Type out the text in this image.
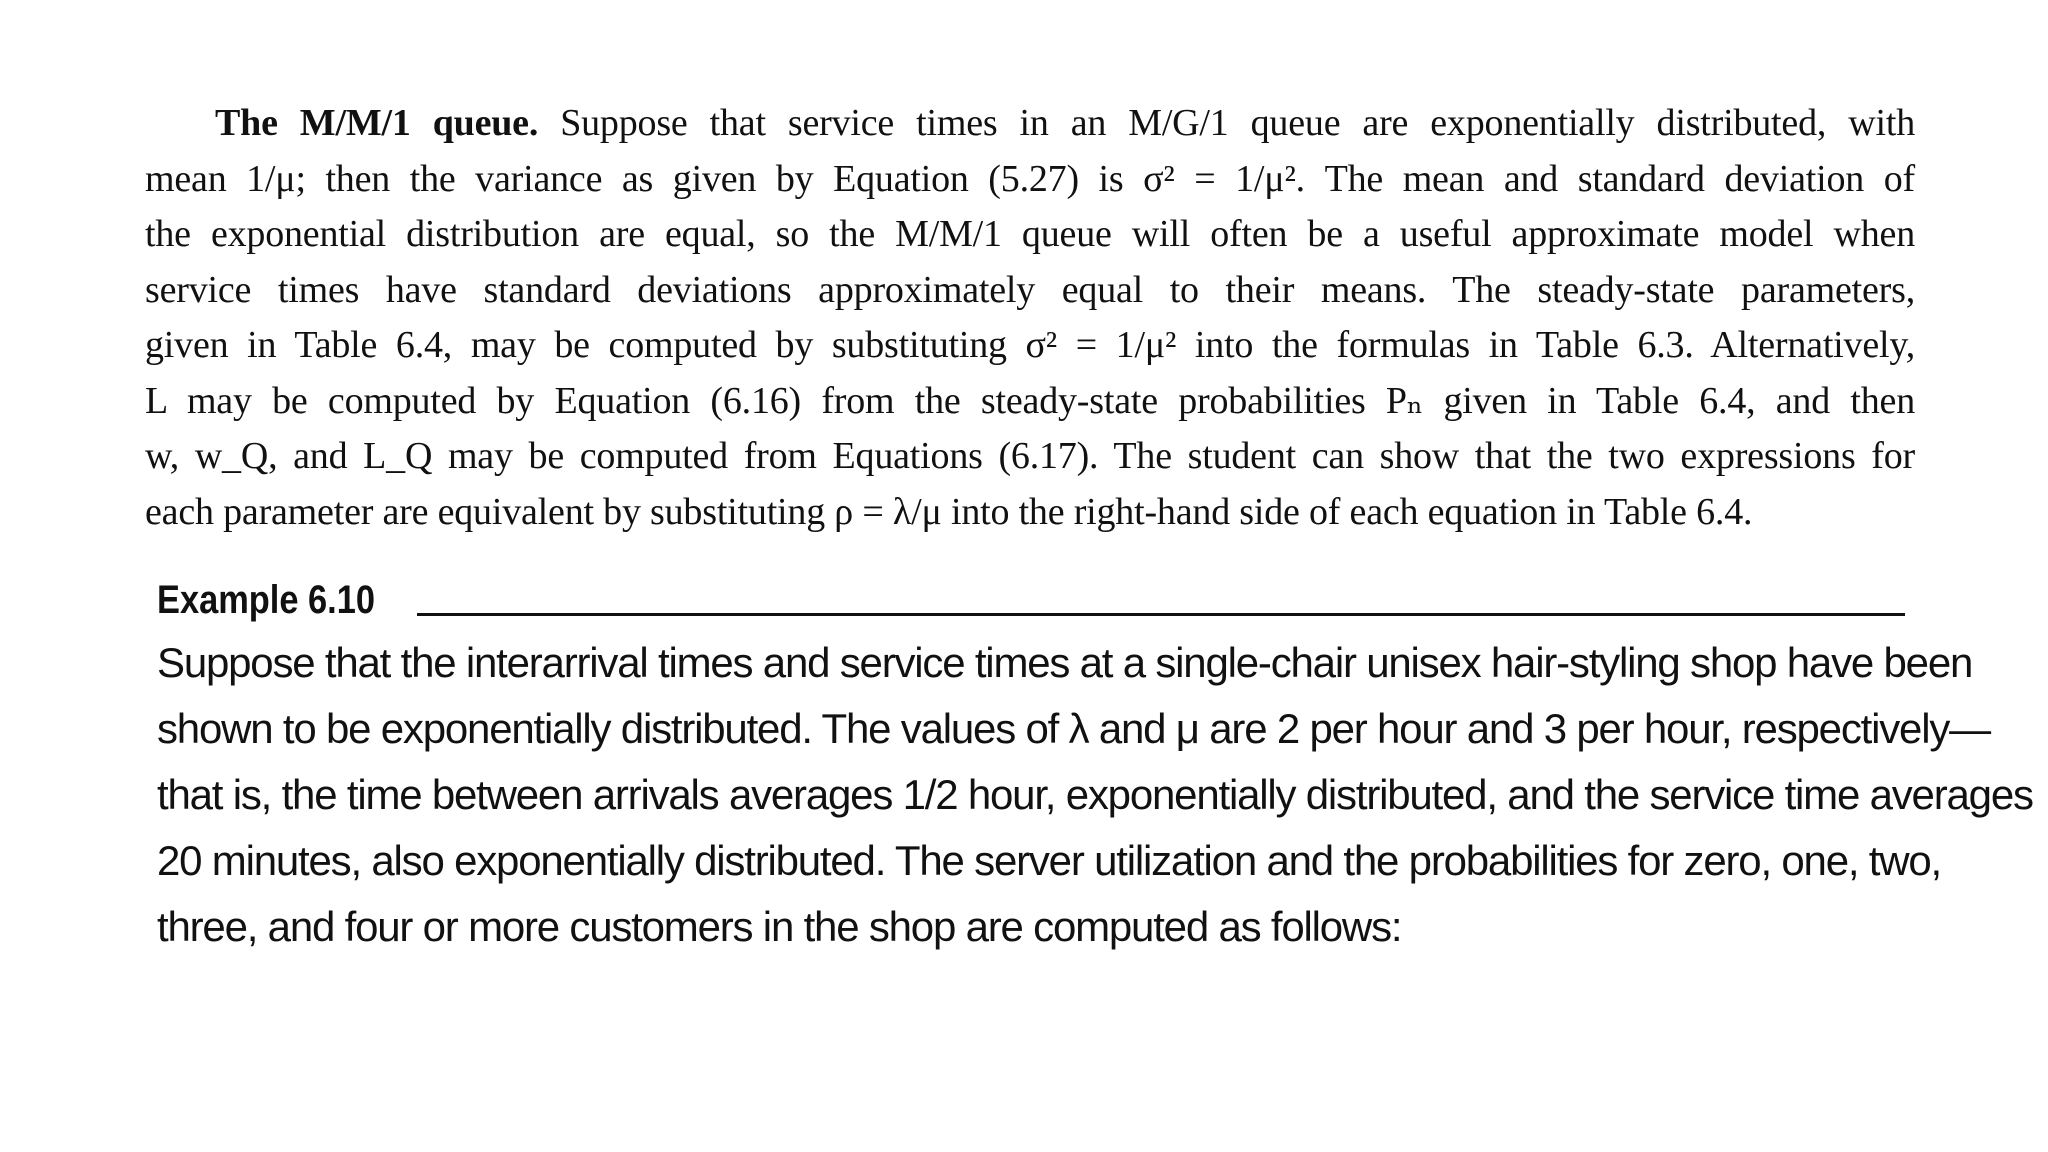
The M/M/1 queue. Suppose that service times in an M/G/1 queue are exponentially distributed, with
mean 1/μ; then the variance as given by Equation (5.27) is σ² = 1/μ². The mean and standard deviation of
the exponential distribution are equal, so the M/M/1 queue will often be a useful approximate model when
service times have standard deviations approximately equal to their means. The steady-state parameters,
given in Table 6.4, may be computed by substituting σ² = 1/μ² into the formulas in Table 6.3. Alternatively,
L may be computed by Equation (6.16) from the steady-state probabilities Pₙ given in Table 6.4, and then
w, w_Q, and L_Q may be computed from Equations (6.17). The student can show that the two expressions for
each parameter are equivalent by substituting ρ = λ/μ into the right-hand side of each equation in Table 6.4.
Example 6.10
Suppose that the interarrival times and service times at a single-chair unisex hair-styling shop have been
shown to be exponentially distributed. The values of λ and μ are 2 per hour and 3 per hour, respectively—
that is, the time between arrivals averages 1/2 hour, exponentially distributed, and the service time averages
20 minutes, also exponentially distributed. The server utilization and the probabilities for zero, one, two,
three, and four or more customers in the shop are computed as follows:
